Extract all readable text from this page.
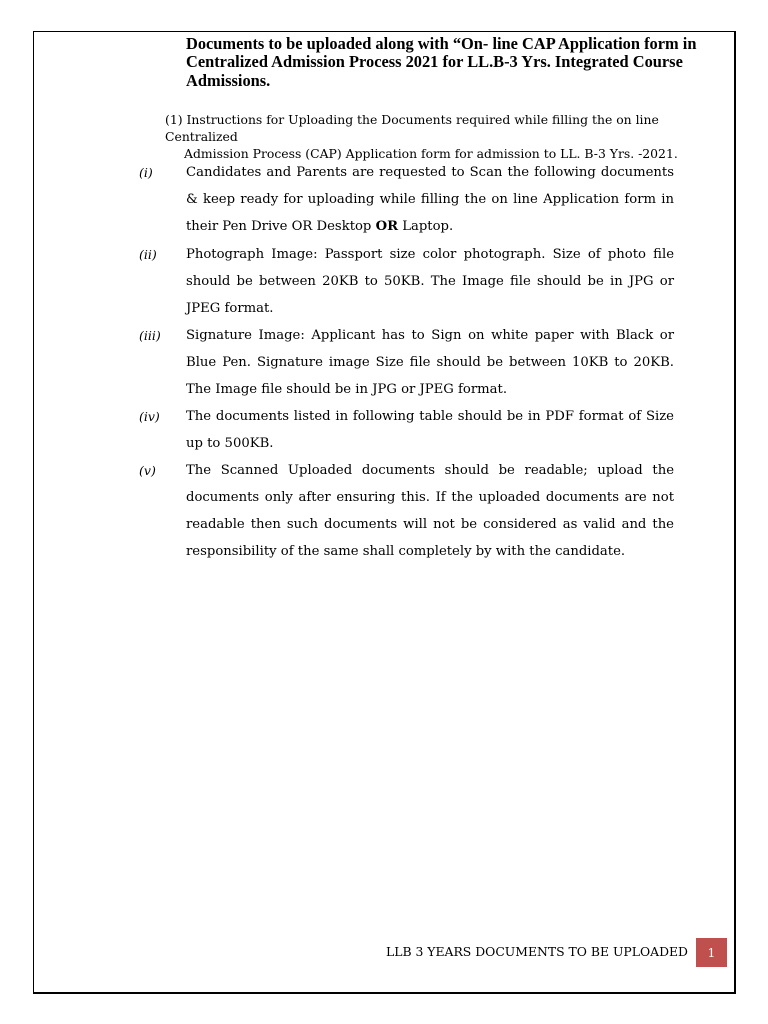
Documents to be uploaded along with “On- line CAP Application form in Centralized Admission Process 2021 for LL.B-3 Yrs. Integrated Course Admissions.

(1) Instructions for Uploading the Documents required while filling the on line Centralized
Admission Process (CAP) Application form for admission to LL. B-3 Yrs. -2021.

(i)	Candidates and Parents are requested to Scan the following documents & keep ready for uploading while filling the on line Application form in their Pen Drive OR Desktop OR Laptop.

(ii) Photograph Image: Passport size color photograph. Size of photo file should be between 20KB to 50KB. The Image file should be in JPG or JPEG format.

(iii) Signature Image: Applicant has to Sign on white paper with Black or Blue Pen. Signature image Size file should be between 10KB to 20KB. The Image file should be in JPG or JPEG format.

(iv) The documents listed in following table should be in PDF format of Size up to 500KB.

(v) The Scanned Uploaded documents should be readable; upload the documents only after ensuring this. If the uploaded documents are not readable then such documents will not be considered as valid and the responsibility of the same shall completely by with the candidate.

LLB 3 YEARS DOCUMENTS TO BE UPLOADED	1
